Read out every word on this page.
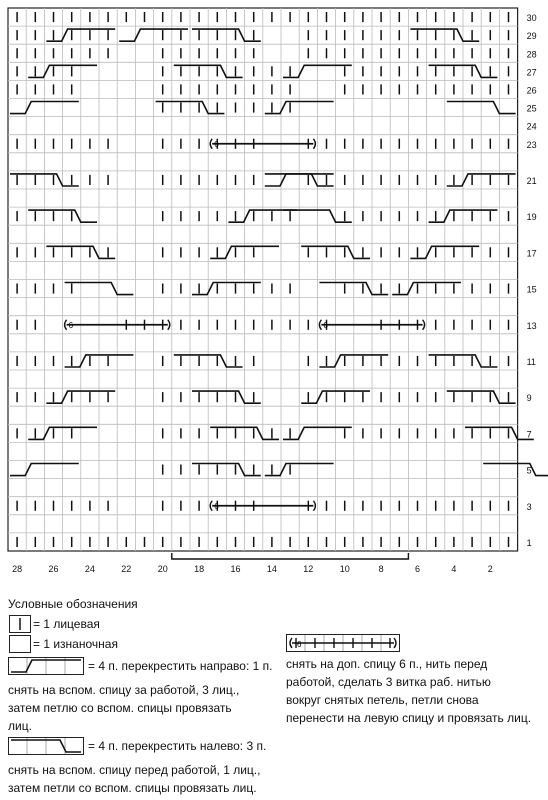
6
6	6
6
1
3
5
7
9
11
13
15
17
19
21
23
24
25
26
27
28
29
30
28	26	24	22	20	18	16	14	12	10	8	6	4	2
Условные обозначения
= 1 лицевая
= 1 изнаночная
= 4 п. перекрестить направо: 1 п.
снять на вспом. спицу за работой, 3 лиц.,
затем петлю со вспом. спицы провязать
лиц.
= 4 п. перекрестить налево: 3 п.
снять на вспом. спицу перед работой, 1 лиц.,
затем петли со вспом. спицы провязать лиц.
6
снять на доп. спицу 6 п., нить перед
работой, сделать 3 витка раб. нитью
вокруг снятых петель, петли снова
перенести на левую спицу и провязать лиц.
